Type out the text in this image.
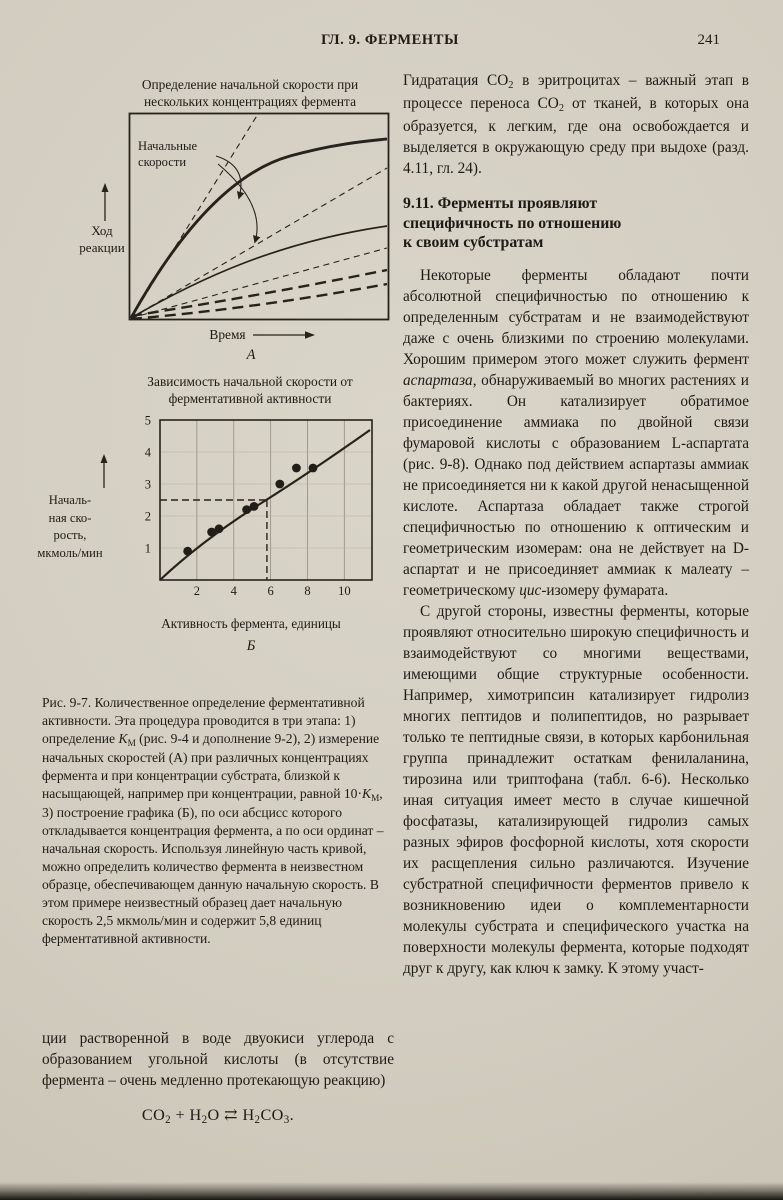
ГЛ. 9. ФЕРМЕНТЫ	241
Определение начальной скорости при
нескольких концентрациях фермента
Начальные
скорости
Ход
реакции
Время
А
Зависимость начальной скорости от
ферментативной активности
2 4 6 8 10
1
2
3
4
5
Началь-
ная ско-
рость,
мкмоль/мин
Активность фермента, единицы
Б

Рис. 9-7. Количественное определение ферментативной активности. Эта процедура проводится в три этапа: 1) определение KМ (рис. 9-4 и дополнение 9-2), 2) измерение начальных скоростей (А) при различных концентрациях фермента и при концентрации субстрата, близкой к насыщающей, например при концентрации, равной 10·KМ, 3) построение графика (Б), по оси абсцисс которого откладывается концентрация фермента, а по оси ординат – начальная скорость. Используя линейную часть кривой, можно определить количество фермента в неизвестном образце, обеспечивающем данную начальную скорость. В этом примере неизвестный образец дает начальную скорость 2,5 мкмоль/мин и содержит 5,8 единиц ферментативной активности.

ции растворенной в воде двуокиси углерода с образованием угольной кислоты (в отсутствие фермента – очень медленно протекающую реакцию)

CO2 + H2O ⇄ H2CO3.

Гидратация CO2 в эритроцитах – важный этап в процессе переноса CO2 от тканей, в которых она образуется, к легким, где она освобождается и выделяется в окружающую среду при выдохе (разд. 4.11, гл. 24).

9.11. Ферменты проявляют
специфичность по отношению
к своим субстратам

Некоторые ферменты обладают почти абсолютной специфичностью по отношению к определенным субстратам и не взаимодействуют даже с очень близкими по строению молекулами. Хорошим примером этого может служить фермент аспартаза, обнаруживаемый во многих растениях и бактериях. Он катализирует обратимое присоединение аммиака по двойной связи фумаровой кислоты с образованием L-аспартата (рис. 9-8). Однако под действием аспартазы аммиак не присоединяется ни к какой другой ненасыщенной кислоте. Аспартаза обладает также строгой специфичностью по отношению к оптическим и геометрическим изомерам: она не действует на D-аспартат и не присоединяет аммиак к малеату – геометрическому цис-изомеру фумарата.

С другой стороны, известны ферменты, которые проявляют относительно широкую специфичность и взаимодействуют со многими веществами, имеющими общие структурные особенности. Например, химотрипсин катализирует гидролиз многих пептидов и полипептидов, но разрывает только те пептидные связи, в которых карбонильная группа принадлежит остаткам фенилаланина, тирозина или триптофана (табл. 6-6). Несколько иная ситуация имеет место в случае кишечной фосфатазы, катализирующей гидролиз самых разных эфиров фосфорной кислоты, хотя скорости их расщепления сильно различаются. Изучение субстратной специфичности ферментов привело к возникновению идеи о комплементарности молекулы субстрата и специфического участка на поверхности молекулы фермента, которые подходят друг к другу, как ключ к замку. К этому участ-
